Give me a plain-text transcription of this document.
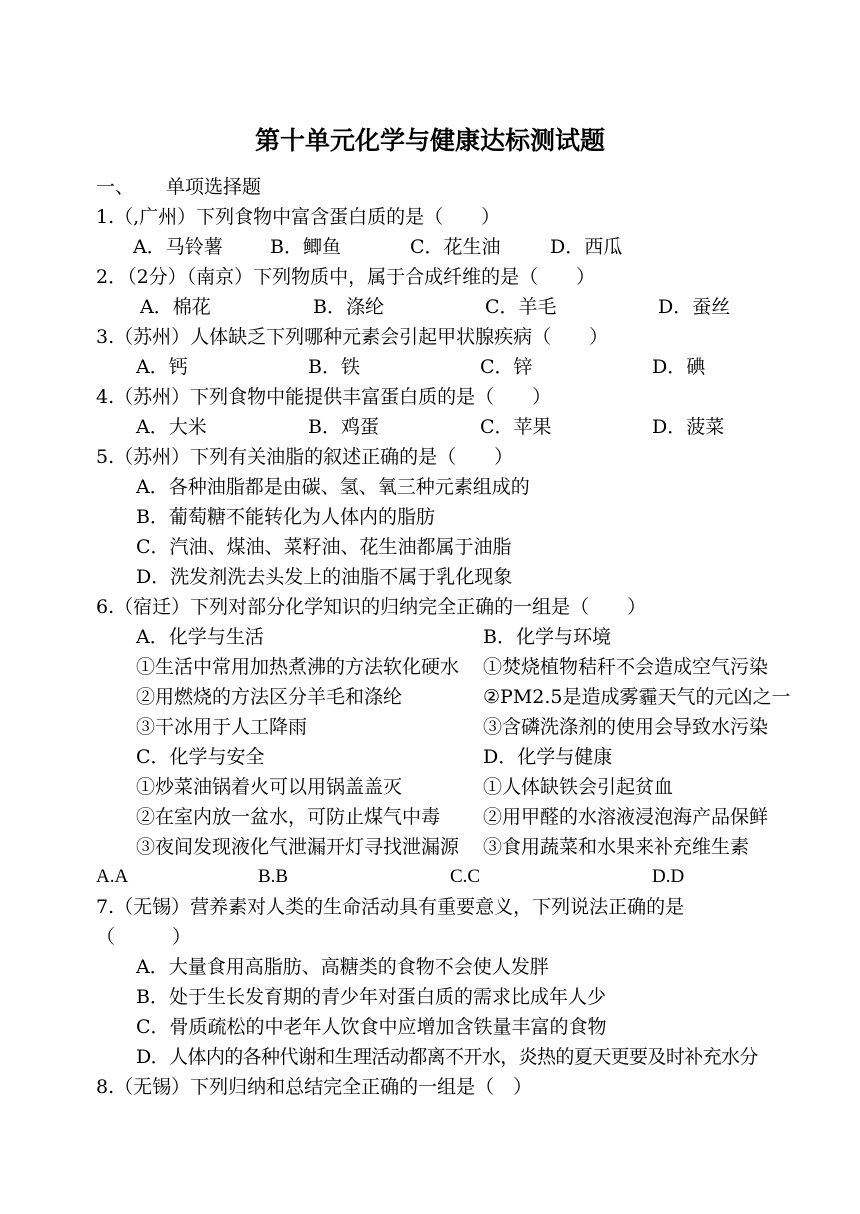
第十单元化学与健康达标测试题
一、 单项选择题
1.（,广州）下列食物中富含蛋白质的是（　　）
A．马铃薯 B．鲫鱼	C．花生油	D．西瓜
2．（2分）（南京）下列物质中，属于合成纤维的是（　　）
A．棉花	B．涤纶	C．羊毛	D．蚕丝
3.（苏州）人体缺乏下列哪种元素会引起甲状腺疾病（　　）
A．钙	B．铁	C．锌	D．碘
4.（苏州）下列食物中能提供丰富蛋白质的是（　　）
A．大米	B．鸡蛋	C．苹果	D．菠菜
5.（苏州）下列有关油脂的叙述正确的是（　　）
A．各种油脂都是由碳、氢、氧三种元素组成的
B．葡萄糖不能转化为人体内的脂肪
C．汽油、煤油、菜籽油、花生油都属于油脂
D．洗发剂洗去头发上的油脂不属于乳化现象
6.（宿迁）下列对部分化学知识的归纳完全正确的一组是（　　）
A．化学与生活	B．化学与环境
①生活中常用加热煮沸的方法软化硬水 ①焚烧植物秸秆不会造成空气污染
②用燃烧的方法区分羊毛和涤纶	②PM2.5是造成雾霾天气的元凶之一
③干冰用于人工降雨	③含磷洗涤剂的使用会导致水污染
C．化学与安全	D．化学与健康
①炒菜油锅着火可以用锅盖盖灭	①人体缺铁会引起贫血
②在室内放一盆水，可防止煤气中毒 ②用甲醛的水溶液浸泡海产品保鲜
③夜间发现液化气泄漏开灯寻找泄漏源 ③食用蔬菜和水果来补充维生素
A.A	B.B	C.C	D.D
7.（无锡）营养素对人类的生命活动具有重要意义，下列说法正确的是
（　　　）
A．大量食用高脂肪、高糖类的食物不会使人发胖
B．处于生长发育期的青少年对蛋白质的需求比成年人少
C．骨质疏松的中老年人饮食中应增加含铁量丰富的食物
D．人体内的各种代谢和生理活动都离不开水，炎热的夏天更要及时补充水分
8.（无锡）下列归纳和总结完全正确的一组是（　）
